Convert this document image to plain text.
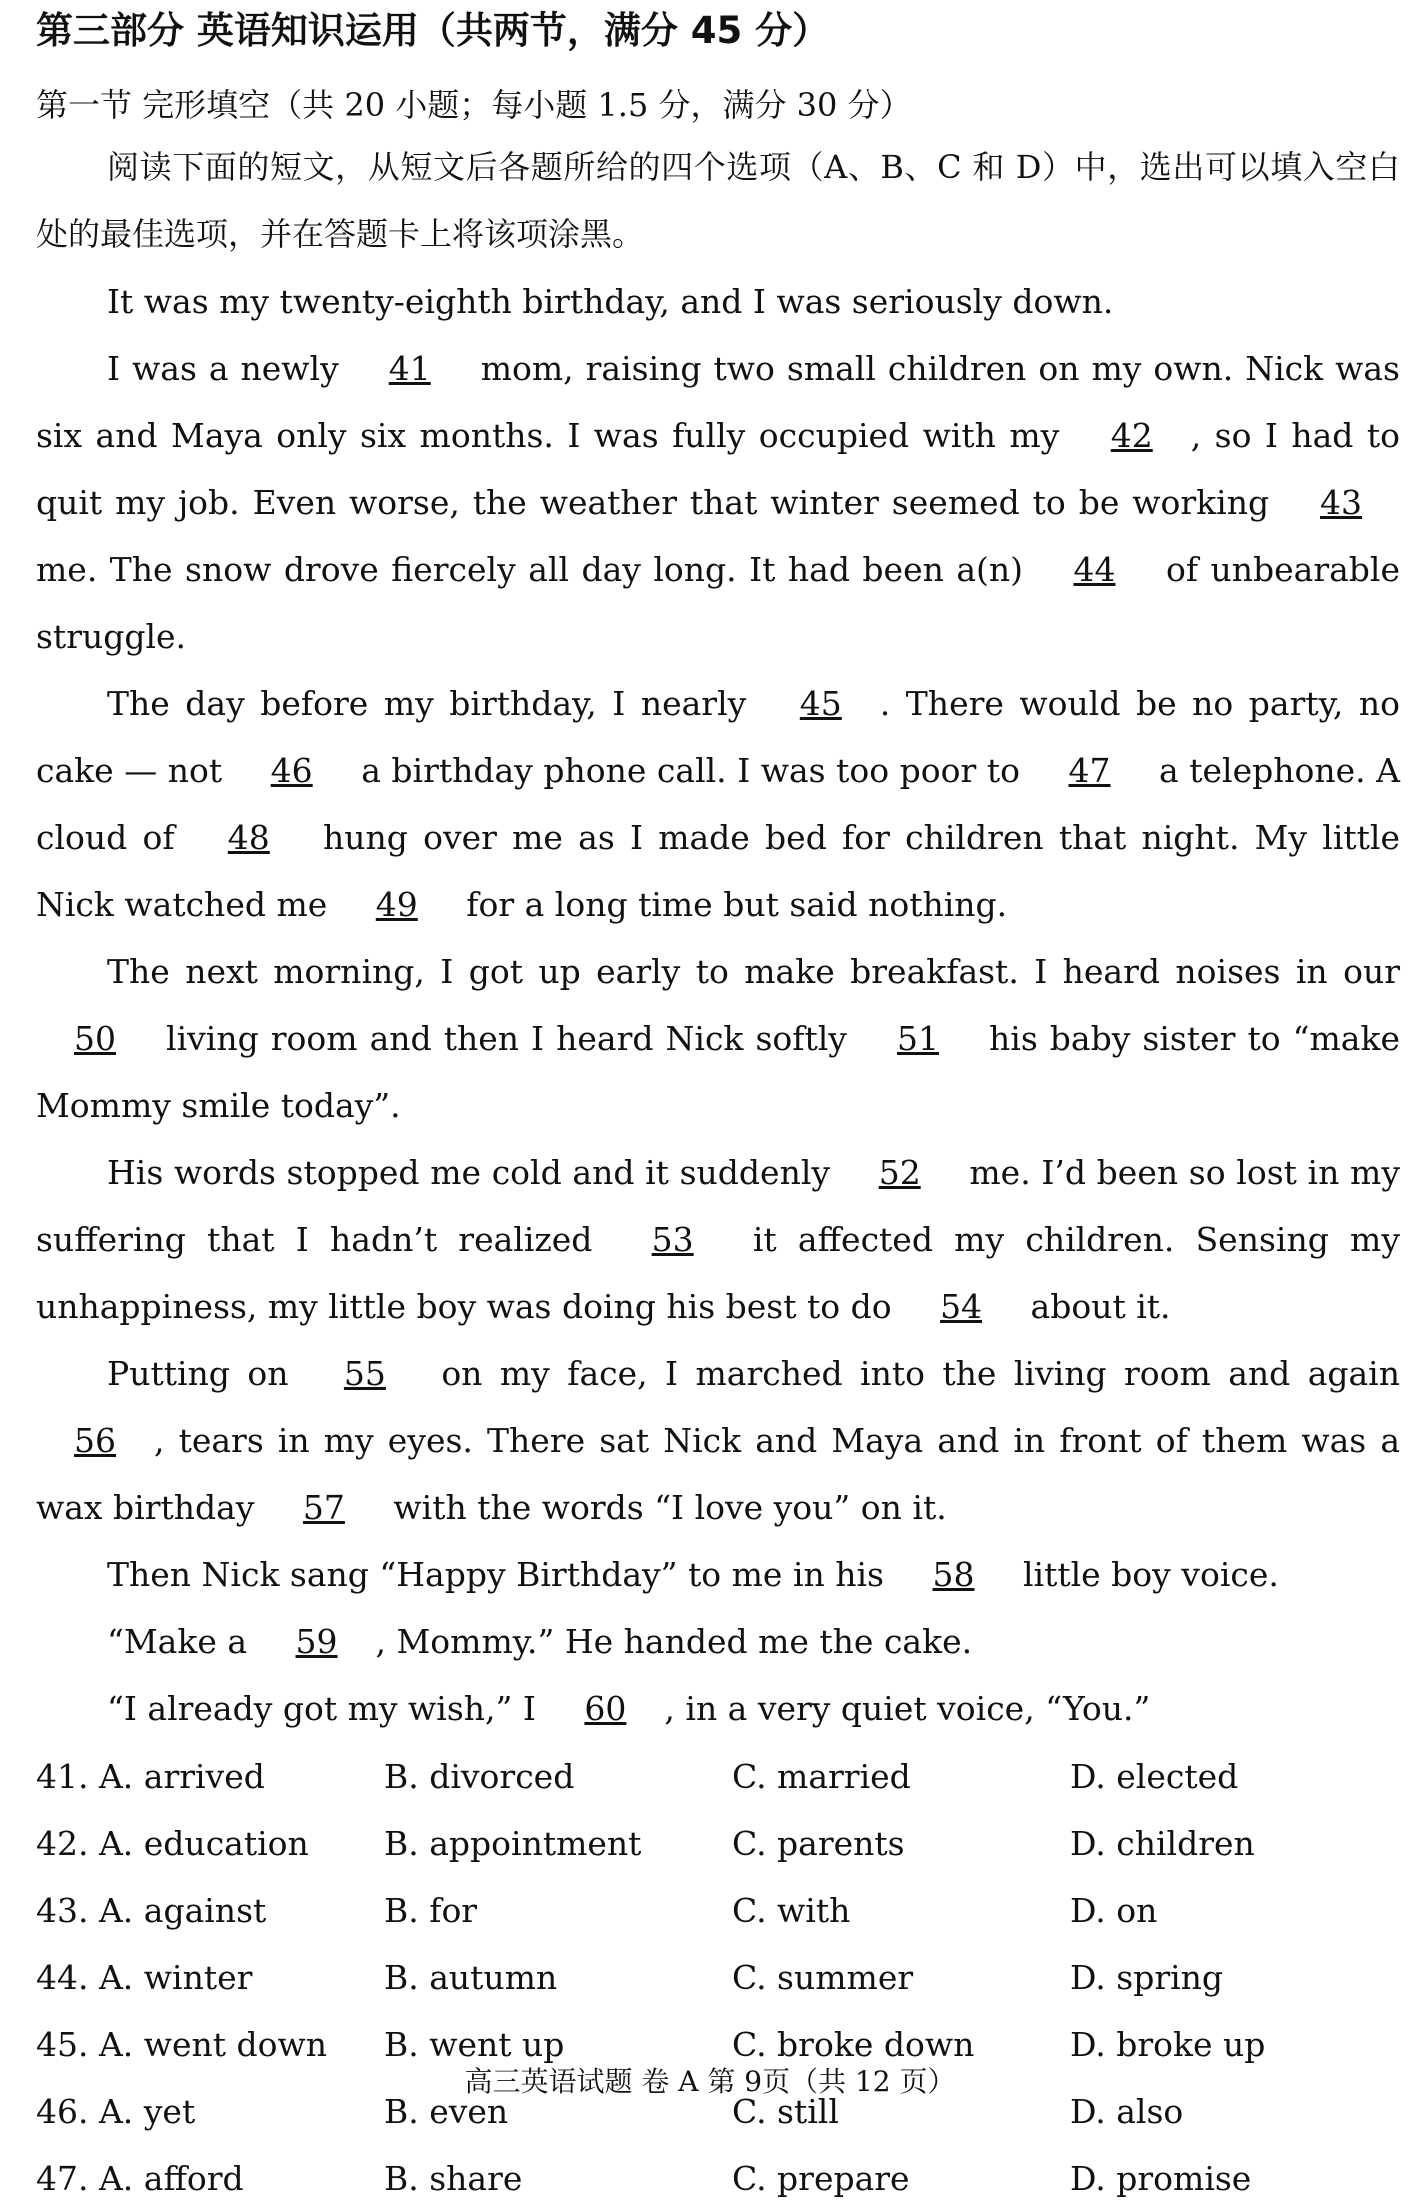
第三部分 英语知识运用（共两节，满分 45 分）
第一节 完形填空（共 20 小题；每小题 1.5 分，满分 30 分）
阅读下面的短文，从短文后各题所给的四个选项（A、B、C 和 D）中，选出可以填入空白处的最佳选项，并在答题卡上将该项涂黑。

It was my twenty-eighth birthday, and I was seriously down.

I was a newly 41 mom, raising two small children on my own. Nick was six and Maya only six months. I was fully occupied with my 42 , so I had to quit my job. Even worse, the weather that winter seemed to be working 43 me. The snow drove fiercely all day long. It had been a(n) 44 of unbearable struggle.

The day before my birthday, I nearly 45 . There would be no party, no cake — not 46 a birthday phone call. I was too poor to 47 a telephone. A cloud of 48 hung over me as I made bed for children that night. My little Nick watched me 49 for a long time but said nothing.

The next morning, I got up early to make breakfast. I heard noises in our 50 living room and then I heard Nick softly 51 his baby sister to “make Mommy smile today”.

His words stopped me cold and it suddenly 52 me. I’d been so lost in my suffering that I hadn’t realized 53 it affected my children. Sensing my unhappiness, my little boy was doing his best to do 54 about it.

Putting on 55 on my face, I marched into the living room and again 56 , tears in my eyes. There sat Nick and Maya and in front of them was a wax birthday 57 with the words “I love you” on it.

Then Nick sang “Happy Birthday” to me in his 58 little boy voice.

“Make a 59 , Mommy.” He handed me the cake.

“I already got my wish,” I 60 , in a very quiet voice, “You.”

41. A. arrived	B. divorced	C. married	D. elected
42. A. education	B. appointment	C. parents	D. children
43. A. against	B. for	C. with	D. on
44. A. winter	B. autumn	C. summer	D. spring
45. A. went down	B. went up	C. broke down	D. broke up
46. A. yet	B. even	C. still	D. also
47. A. afford	B. share	C. prepare	D. promise
高三英语试题 卷 A 第 9页（共 12 页）
